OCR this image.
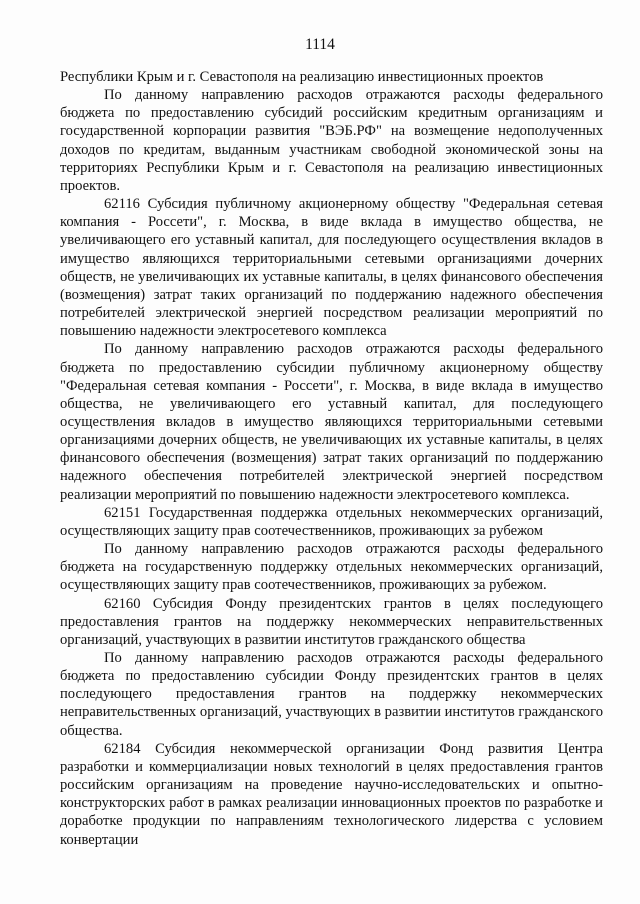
1114

Республики Крым и г. Севастополя на реализацию инвестиционных проектов

По данному направлению расходов отражаются расходы федерального бюджета по предоставлению субсидий российским кредитным организациям и государственной корпорации развития "ВЭБ.РФ" на возмещение недополученных доходов по кредитам, выданным участникам свободной экономической зоны на территориях Республики Крым и г. Севастополя на реализацию инвестиционных проектов.

62116 Субсидия публичному акционерному обществу "Федеральная сетевая компания - Россети", г. Москва, в виде вклада в имущество общества, не увеличивающего его уставный капитал, для последующего осуществления вкладов в имущество являющихся территориальными сетевыми организациями дочерних обществ, не увеличивающих их уставные капиталы, в целях финансового обеспечения (возмещения) затрат таких организаций по поддержанию надежного обеспечения потребителей электрической энергией посредством реализации мероприятий по повышению надежности электросетевого комплекса

По данному направлению расходов отражаются расходы федерального бюджета по предоставлению субсидии публичному акционерному обществу "Федеральная сетевая компания - Россети", г. Москва, в виде вклада в имущество общества, не увеличивающего его уставный капитал, для последующего осуществления вкладов в имущество являющихся территориальными сетевыми организациями дочерних обществ, не увеличивающих их уставные капиталы, в целях финансового обеспечения (возмещения) затрат таких организаций по поддержанию надежного обеспечения потребителей электрической энергией посредством реализации мероприятий по повышению надежности электросетевого комплекса.

62151 Государственная поддержка отдельных некоммерческих организаций, осуществляющих защиту прав соотечественников, проживающих за рубежом

По данному направлению расходов отражаются расходы федерального бюджета на государственную поддержку отдельных некоммерческих организаций, осуществляющих защиту прав соотечественников, проживающих за рубежом.

62160 Субсидия Фонду президентских грантов в целях последующего предоставления грантов на поддержку некоммерческих неправительственных организаций, участвующих в развитии институтов гражданского общества

По данному направлению расходов отражаются расходы федерального бюджета по предоставлению субсидии Фонду президентских грантов в целях последующего предоставления грантов на поддержку некоммерческих неправительственных организаций, участвующих в развитии институтов гражданского общества.

62184 Субсидия некоммерческой организации Фонд развития Центра разработки и коммерциализации новых технологий в целях предоставления грантов российским организациям на проведение научно-исследовательских и опытно-конструкторских работ в рамках реализации инновационных проектов по разработке и доработке продукции по направлениям технологического лидерства с условием конвертации
